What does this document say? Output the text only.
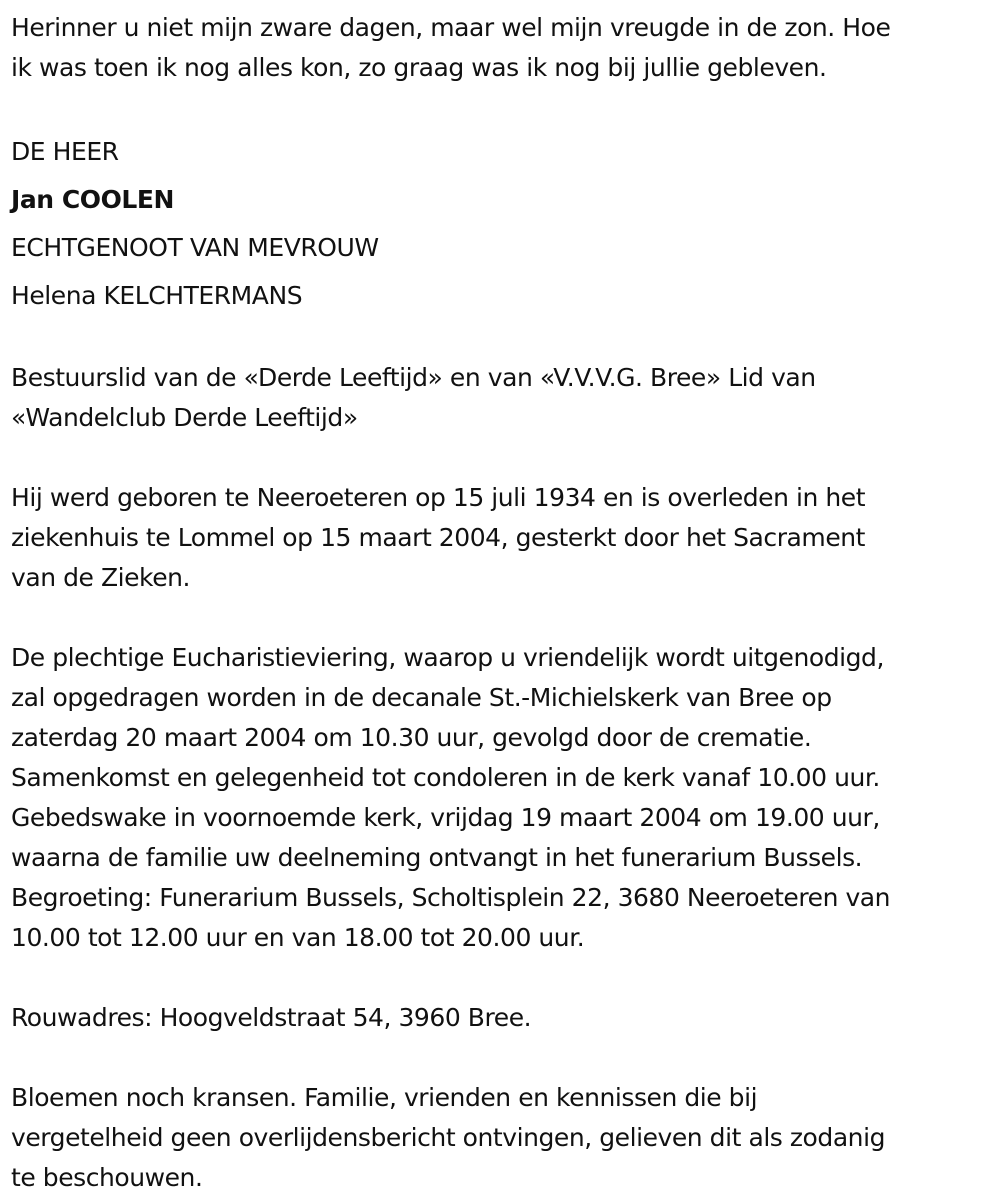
Herinner u niet mijn zware dagen, maar wel mijn vreugde in de zon. Hoe

ik was toen ik nog alles kon, zo graag was ik nog bij jullie gebleven.

DE HEER

Jan COOLEN

ECHTGENOOT VAN MEVROUW

Helena KELCHTERMANS

Bestuurslid van de «Derde Leeftijd» en van «V.V.V.G. Bree» Lid van

«Wandelclub Derde Leeftijd»

Hij werd geboren te Neeroeteren op 15 juli 1934 en is overleden in het

ziekenhuis te Lommel op 15 maart 2004, gesterkt door het Sacrament

van de Zieken.

De plechtige Eucharistieviering, waarop u vriendelijk wordt uitgenodigd,

zal opgedragen worden in de decanale St.-Michielskerk van Bree op

zaterdag 20 maart 2004 om 10.30 uur, gevolgd door de crematie.

Samenkomst en gelegenheid tot condoleren in de kerk vanaf 10.00 uur.

Gebedswake in voornoemde kerk, vrijdag 19 maart 2004 om 19.00 uur,

waarna de familie uw deelneming ontvangt in het funerarium Bussels.

Begroeting: Funerarium Bussels, Scholtisplein 22, 3680 Neeroeteren van

10.00 tot 12.00 uur en van 18.00 tot 20.00 uur.

Rouwadres: Hoogveldstraat 54, 3960 Bree.

Bloemen noch kransen. Familie, vrienden en kennissen die bij

vergetelheid geen overlijdensbericht ontvingen, gelieven dit als zodanig

te beschouwen.
